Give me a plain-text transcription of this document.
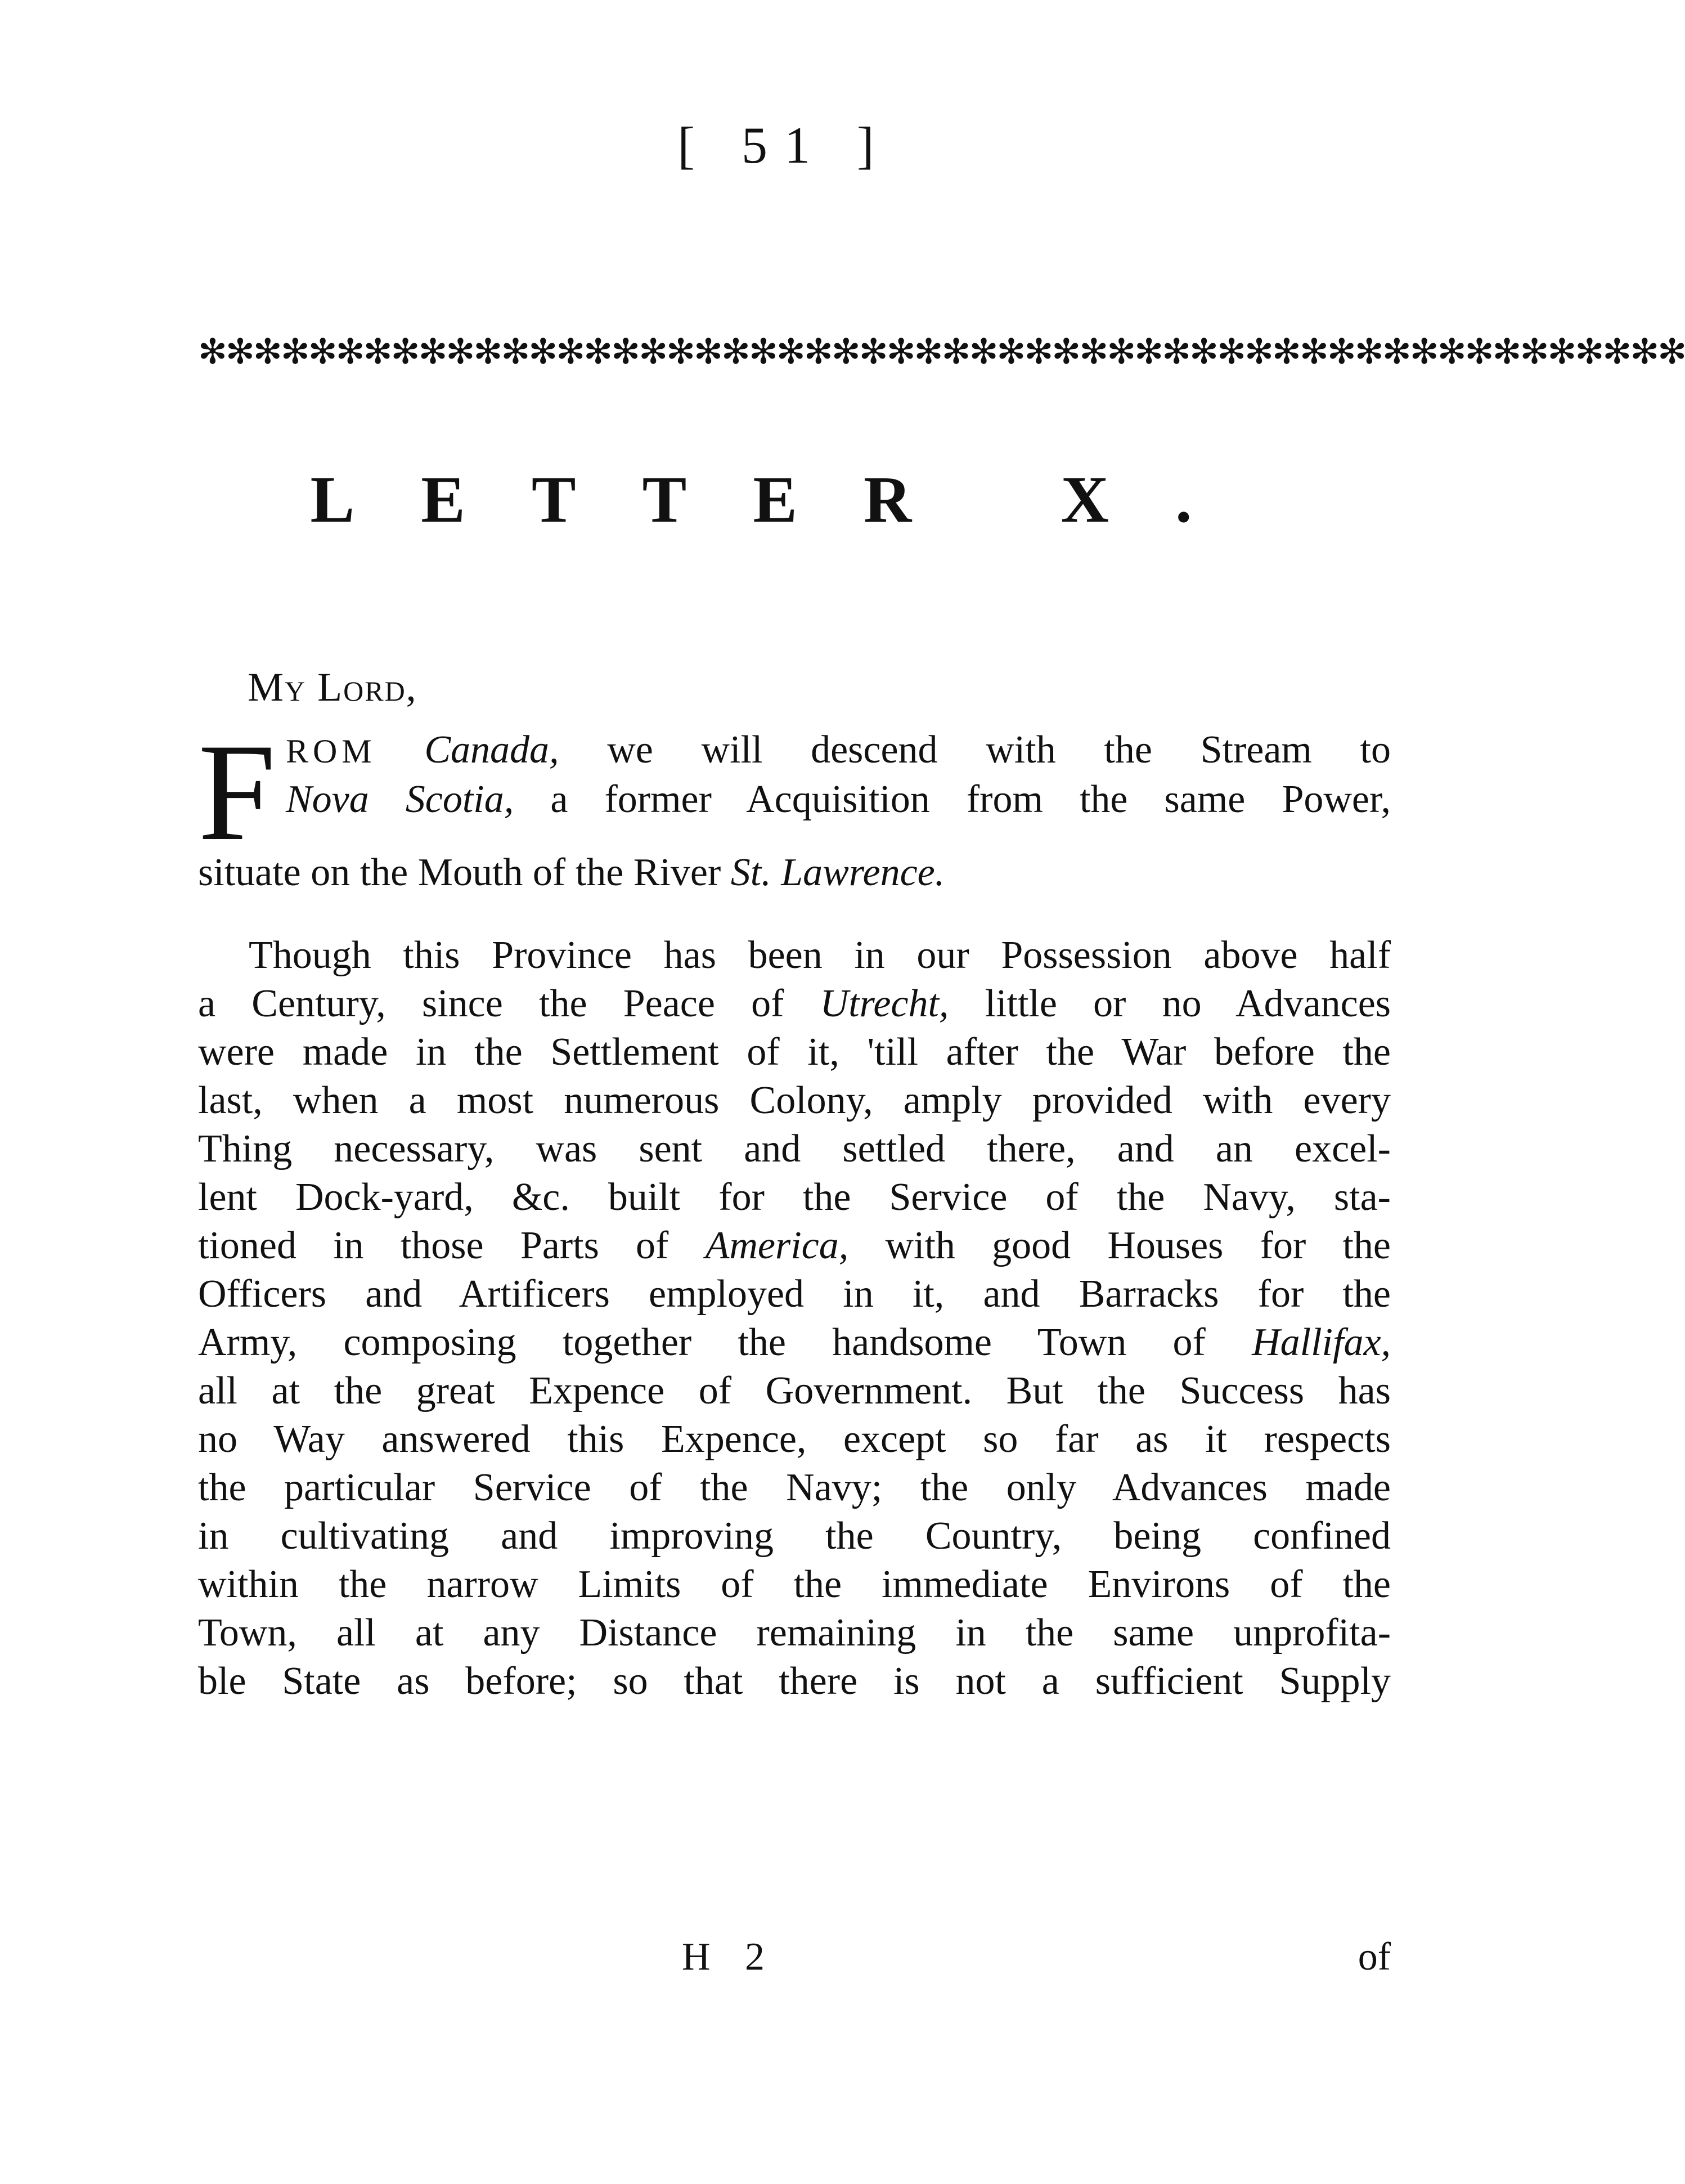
[ 51 ]
✻✻✻✻✻✻✻✻✻✻✻✻✻✻✻✻✻✻✻✻✻✻✻✻✻✻✻✻✻✻✻✻✻✻✻✻✻✻✻✻✻✻✻✻✻✻✻✻✻✻✻✻✻✻
LETTER X.
My Lord,
F ROM Canada, we will descend with the Stream to
Nova Scotia, a former Acquisition from the same Power,
situate on the Mouth of the River St. Lawrence.
Though this Province has been in our Possession above half
a Century, since the Peace of Utrecht, little or no Advances
were made in the Settlement of it, 'till after the War before the
last, when a most numerous Colony, amply provided with every
Thing necessary, was sent and settled there, and an excel-
lent Dock-yard, &c. built for the Service of the Navy, sta-
tioned in those Parts of America, with good Houses for the
Officers and Artificers employed in it, and Barracks for the
Army, composing together the handsome Town of Hallifax,
all at the great Expence of Government. But the Success has
no Way answered this Expence, except so far as it respects
the particular Service of the Navy; the only Advances made
in cultivating and improving the Country, being confined
within the narrow Limits of the immediate Environs of the
Town, all at any Distance remaining in the same unprofita-
ble State as before; so that there is not a sufficient Supply
H 2	of
